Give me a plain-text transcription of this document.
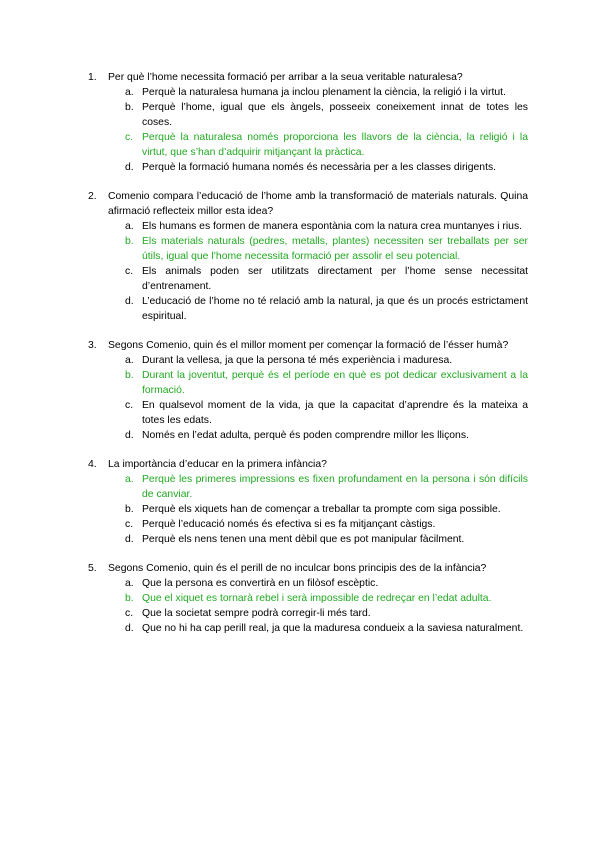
1.	Per què l’home necessita formació per arribar a la seua veritable naturalesa?
a. Perquè la naturalesa humana ja inclou plenament la ciència, la religió i la virtut.
b. Perquè l’home, igual que els àngels, posseeix coneixement innat de totes les coses.
c. Perquè la naturalesa només proporciona les llavors de la ciència, la religió i la virtut, que s’han d’adquirir mitjançant la pràctica.
d. Perquè la formació humana només és necessària per a les classes dirigents.
2.	Comenio compara l’educació de l’home amb la transformació de materials naturals. Quina afirmació reflecteix millor esta idea?
a. Els humans es formen de manera espontània com la natura crea muntanyes i rius.
b. Els materials naturals (pedres, metalls, plantes) necessiten ser treballats per ser útils, igual que l’home necessita formació per assolir el seu potencial.
c. Els animals poden ser utilitzats directament per l’home sense necessitat d’entrenament.
d. L’educació de l’home no té relació amb la natural, ja que és un procés estrictament espiritual.
3.	Segons Comenio, quin és el millor moment per començar la formació de l’ésser humà?
a. Durant la vellesa, ja que la persona té més experiència i maduresa.
b. Durant la joventut, perquè és el període en què es pot dedicar exclusivament a la formació.
c. En qualsevol moment de la vida, ja que la capacitat d’aprendre és la mateixa a totes les edats.
d. Només en l’edat adulta, perquè és poden comprendre millor les lliçons.
4.	La importància d’educar en la primera infància?
a. Perquè les primeres impressions es fixen profundament en la persona i són difícils de canviar.
b. Perquè els xiquets han de començar a treballar ta prompte com siga possible.
c. Perquè l’educació només és efectiva si es fa mitjançant càstigs.
d. Perquè els nens tenen una ment dèbil que es pot manipular fàcilment.
5.	Segons Comenio, quin és el perill de no inculcar bons principis des de la infància?
a. Que la persona es convertirà en un filòsof escèptic.
b. Que el xiquet es tornarà rebel i serà impossible de redreçar en l’edat adulta.
c. Que la societat sempre podrà corregir-li més tard.
d. Que no hi ha cap perill real, ja que la maduresa condueix a la saviesa naturalment.
